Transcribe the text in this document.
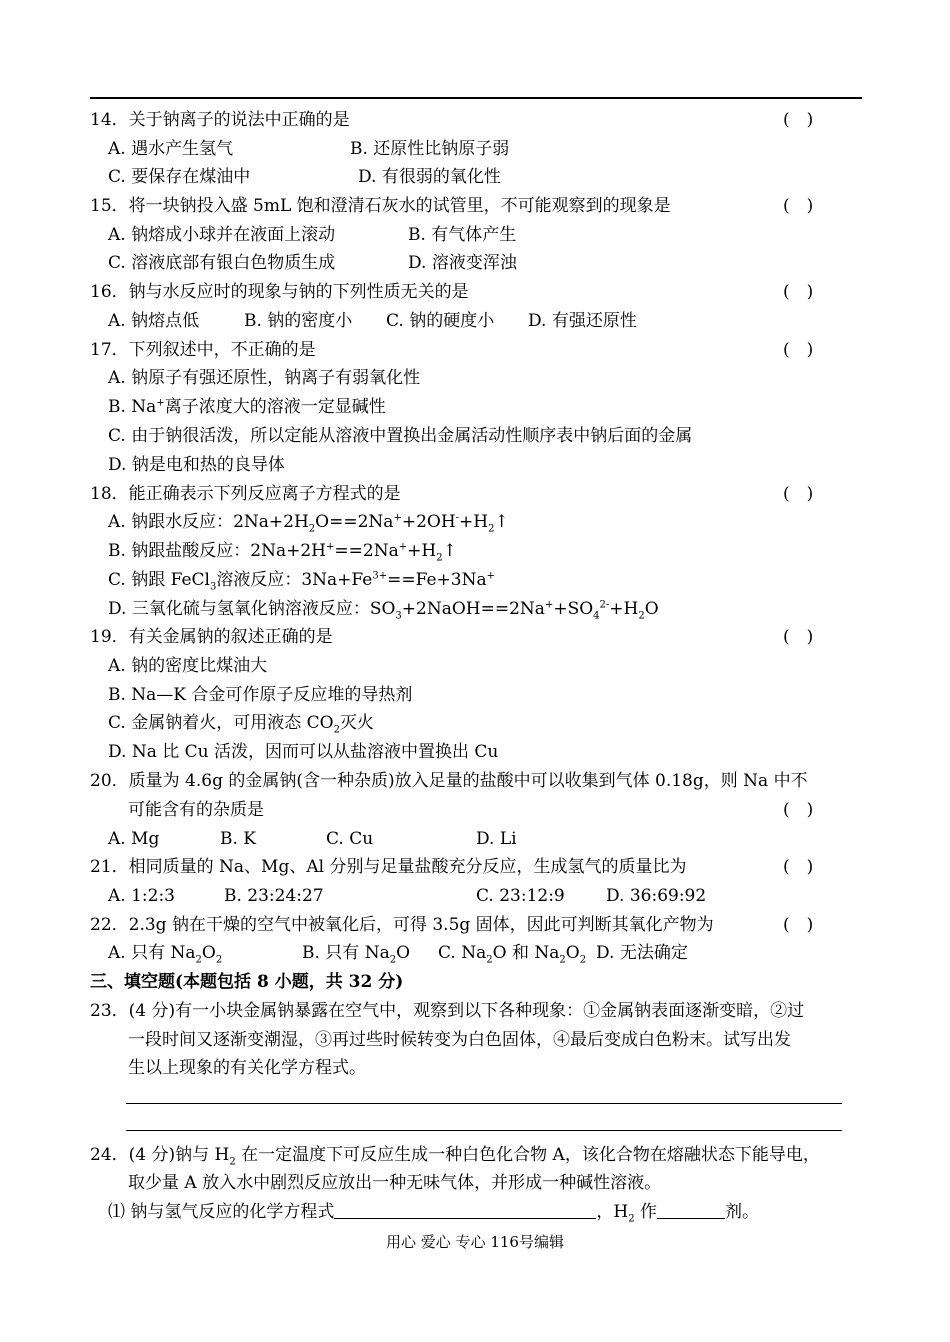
14．关于钠离子的说法中正确的是	(　)
A. 遇水产生氢气	B. 还原性比钠原子弱
C. 要保存在煤油中	D. 有很弱的氧化性
15．将一块钠投入盛 5mL 饱和澄清石灰水的试管里，不可能观察到的现象是	(　)
A. 钠熔成小球并在液面上滚动	B. 有气体产生
C. 溶液底部有银白色物质生成	D. 溶液变浑浊
16．钠与水反应时的现象与钠的下列性质无关的是	(　)
A. 钠熔点低	B. 钠的密度小 C. 钠的硬度小 D. 有强还原性
17．下列叙述中，不正确的是	(　)
A. 钠原子有强还原性，钠离子有弱氧化性
B. Na+离子浓度大的溶液一定显碱性
C. 由于钠很活泼，所以定能从溶液中置换出金属活动性顺序表中钠后面的金属
D. 钠是电和热的良导体
18．能正确表示下列反应离子方程式的是	(　)
A. 钠跟水反应：$2Na+2H_2O==2Na^++2OH^-+H_2↑$
B. 钠跟盐酸反应：$2Na+2H^+==2Na^++H_2↑$
C. 钠跟 FeCl$_3$溶液反应：$3Na+Fe^{3+}==Fe+3Na^+$
D. 三氧化硫与氢氧化钠溶液反应：$SO_3+2NaOH==2Na^++SO_4^{2-}+H_2O$
19．有关金属钠的叙述正确的是	(　)
A. 钠的密度比煤油大
B. Na—K 合金可作原子反应堆的导热剂
C. 金属钠着火，可用液态 $CO_2$灭火
D. Na 比 Cu 活泼，因而可以从盐溶液中置换出 Cu
20．质量为 4.6g 的金属钠(含一种杂质)放入足量的盐酸中可以收集到气体 0.18g，则 Na 中不
可能含有的杂质是	(　)
A. Mg	B. K	C. Cu	D. Li
21．相同质量的 Na、Mg、Al 分别与足量盐酸充分反应，生成氢气的质量比为	(　)
A. 1:2:3	B. 23:24:27	C. 23:12:9 D. 36:69:92
22．2.3g 钠在干燥的空气中被氧化后，可得 3.5g 固体，因此可判断其氧化产物为	(　)
A. 只有 $Na_2O_2$	B. 只有 $Na_2O$ C. $Na_2O$ 和 $Na_2O_2$ D. 无法确定
三、填空题(本题包括 8 小题，共 32 分)
23．(4 分)有一小块金属钠暴露在空气中，观察到以下各种现象：①金属钠表面逐渐变暗，②过
一段时间又逐渐变潮湿，③再过些时候转变为白色固体，④最后变成白色粉末。试写出发
生以上现象的有关化学方程式。
24．(4 分)钠与 $H_2$ 在一定温度下可反应生成一种白色化合物 A，该化合物在熔融状态下能导电，
取少量 A 放入水中剧烈反应放出一种无味气体，并形成一种碱性溶液。
⑴ 钠与氢气反应的化学方程式	，$H_2$ 作	剂。
用心 爱心 专心 116号编辑
